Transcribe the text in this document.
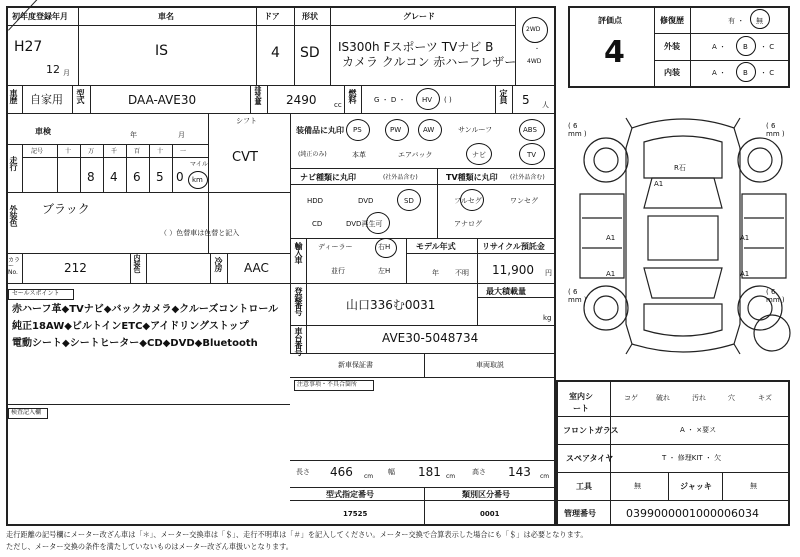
初年度登録年月
H27
12 月
車名
IS
ドア
4
形状
SD
グレード
IS300h Fスポーツ TVナビ B
カメラ クルコン 赤ハーフレザー
2WD
・
4WD
車歴 自家用 型式	DAA-AVE30	排気量 2490 cc
燃料 G ・ D ・ HV ( )	定員 5 人
車検	年	月
シフト
CVT
走行
記号	十	万	千	百	十	一
8 4 6 5 0
マイル
km
外装色 ブラック
（ ）色替車は色替と記入
カラーNo.	212	内装色	冷房 AAC
セールスポイント
赤ハーフ革◆TVナビ◆バックカメラ◆クルーズコントロール
純正18AW◆ビルトインETC◆アイドリングストップ
電動シート◆シートヒーター◆CD◆DVD◆Bluetooth
検査記入欄
装備品に丸印
(純正のみ)
PS	PW	AW	サンルーフ	ABS
本革	エアバック	ナビ	TV
ナビ種類に丸印	(社外品含む)
HDD	DVD	SD
CD	DVD再生可
TV種類に丸印 (社外品含む)
フルセグ	ワンセグ
アナログ
輸入車 ディーラー
並行
右H
左H
モデル年式
年 不明
リサイクル預託金
11,900 円
登録番号	山口336む0031
最大積載量
kg
車台番号	AVE30-5048734
新車保証書	車両取説
注意事項・不具合箇所
長さ 466 cm
幅 181 cm
高さ 143 cm
型式指定番号
17525
類別区分番号
0001
評価点
4
修復歴	有 ・ 無
外装	A ・ B ・ C
内装	A ・ B ・ C
( 6
mm )
( 6
mm )
( 6
mm )
( 6
mm )
A1	A1
A1	A1
A1
R石
室内シート
コゲ	破れ	汚れ	穴	キズ
フロントガラス	A ・ ×要ス
スペアタイヤ	T ・ 修理KIT ・ 欠
工具	無	ジャッキ	無
管理番号	0399000001000006034
走行距離の記号欄にメーター改ざん車は「＊」、メーター交換車は「＄」、走行不明車は「＃」を記入してください。メーター交換で合算表示した場合にも「＄」は必要となります。
ただし、メーター交換の条件を満たしていないものはメーター改ざん車扱いとなります。
